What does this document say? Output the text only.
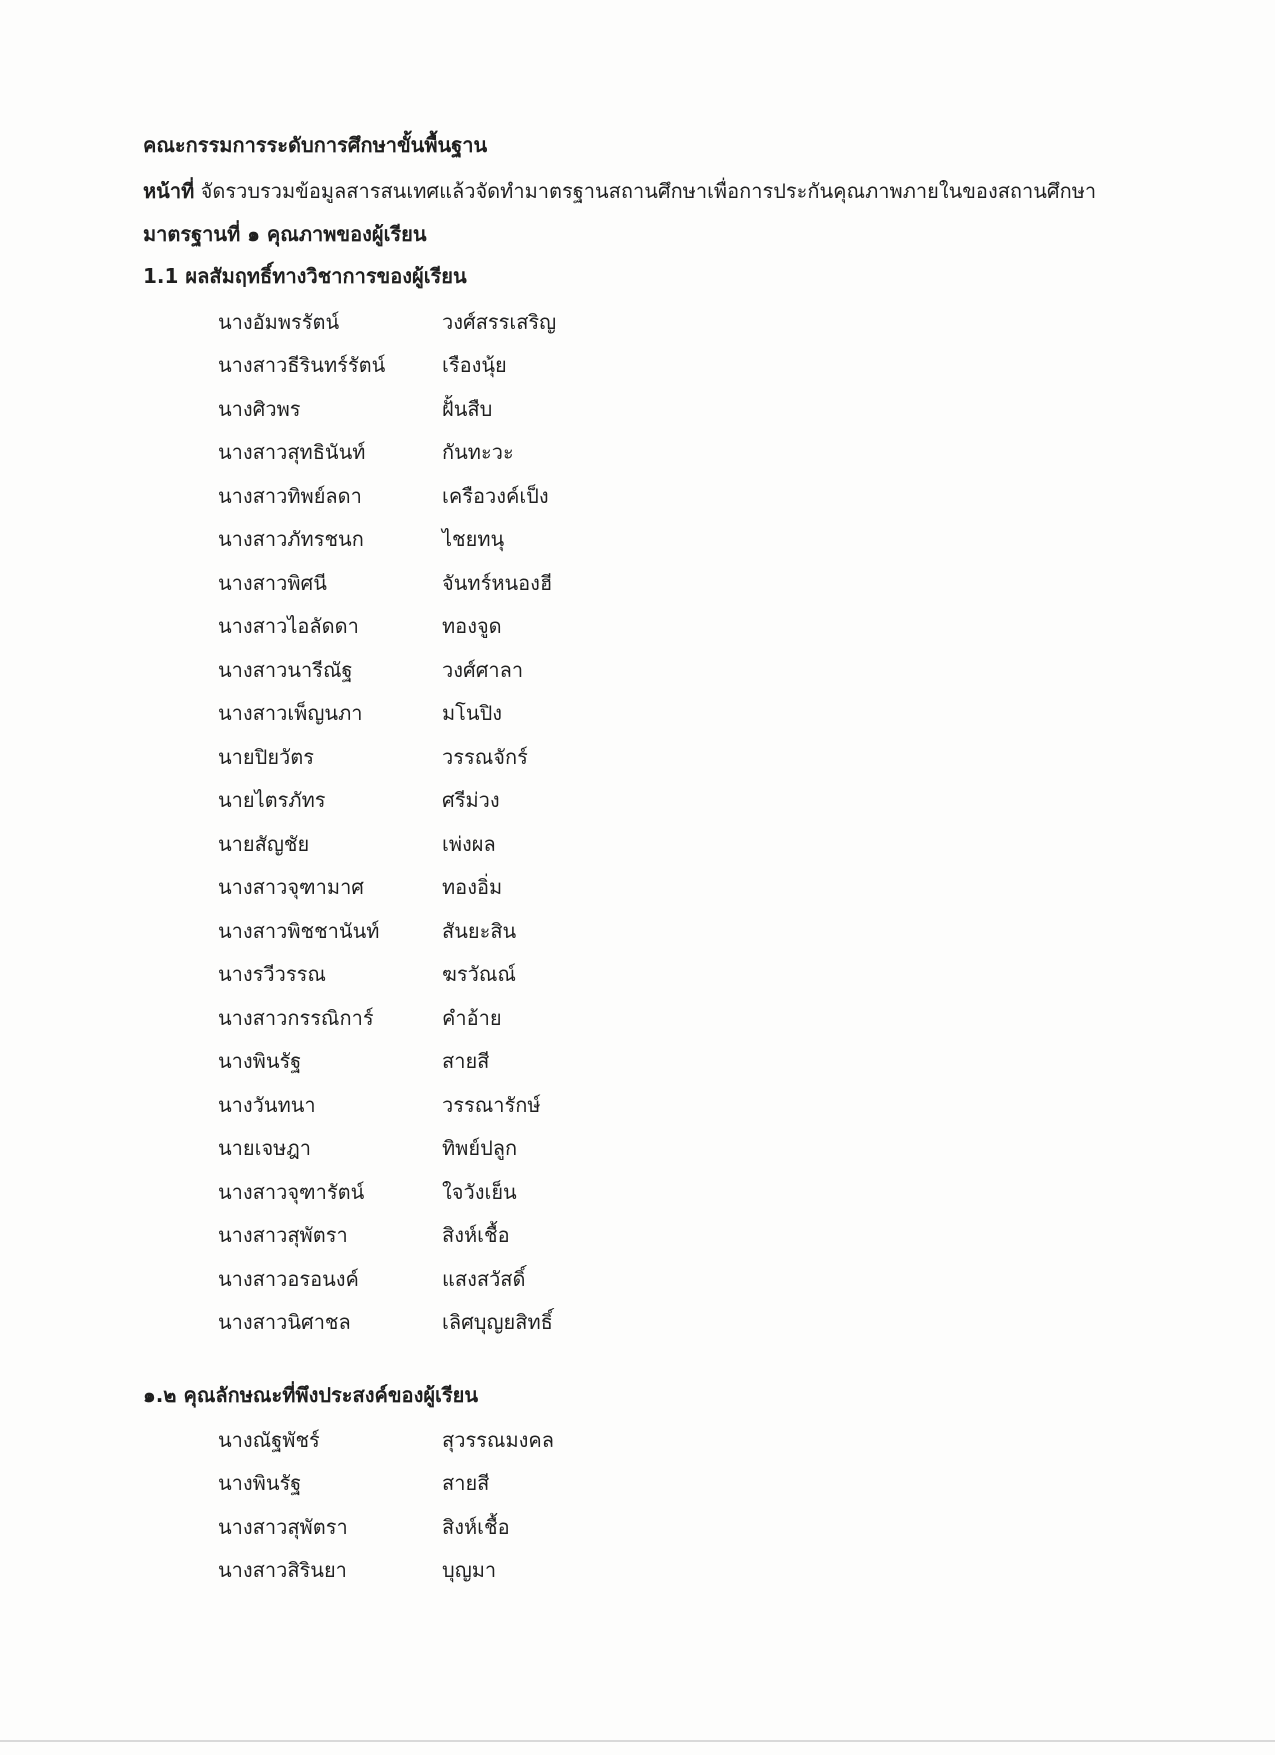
คณะกรรมการระดับการศึกษาขั้นพื้นฐาน
หน้าที่ จัดรวบรวมข้อมูลสารสนเทศแล้วจัดทำมาตรฐานสถานศึกษาเพื่อการประกันคุณภาพภายในของสถานศึกษา
มาตรฐานที่ ๑ คุณภาพของผู้เรียน
1.1 ผลสัมฤทธิ์ทางวิชาการของผู้เรียน
นางอัมพรรัตน์	วงศ์สรรเสริญ
นางสาวธีรินทร์รัตน์	เรืองนุ้ย
นางศิวพร	ฝั้นสืบ
นางสาวสุทธินันท์	กันทะวะ
นางสาวทิพย์ลดา	เครือวงค์เป็ง
นางสาวภัทรชนก	ไชยทนุ
นางสาวพิศนี	จันทร์หนองฮี
นางสาวไอลัดดา	ทองจูด
นางสาวนารีณัฐ	วงศ์ศาลา
นางสาวเพ็ญนภา	มโนปิง
นายปิยวัตร	วรรณจักร์
นายไตรภัทร	ศรีม่วง
นายสัญชัย	เพ่งผล
นางสาวจุฑามาศ	ทองอิ่ม
นางสาวพิชชานันท์	สันยะสิน
นางรวีวรรณ	ฆรวัณณ์
นางสาวกรรณิการ์	คำอ้าย
นางพินรัฐ	สายสี
นางวันทนา	วรรณารักษ์
นายเจษฎา	ทิพย์ปลูก
นางสาวจุฑารัตน์	ใจวังเย็น
นางสาวสุพัตรา	สิงห์เชื้อ
นางสาวอรอนงค์	แสงสวัสดิ์
นางสาวนิศาชล	เลิศบุญยสิทธิ์
๑.๒ คุณลักษณะที่พึงประสงค์ของผู้เรียน
นางณัฐพัชร์	สุวรรณมงคล
นางพินรัฐ	สายสี
นางสาวสุพัตรา	สิงห์เชื้อ
นางสาวสิรินยา	บุญมา
